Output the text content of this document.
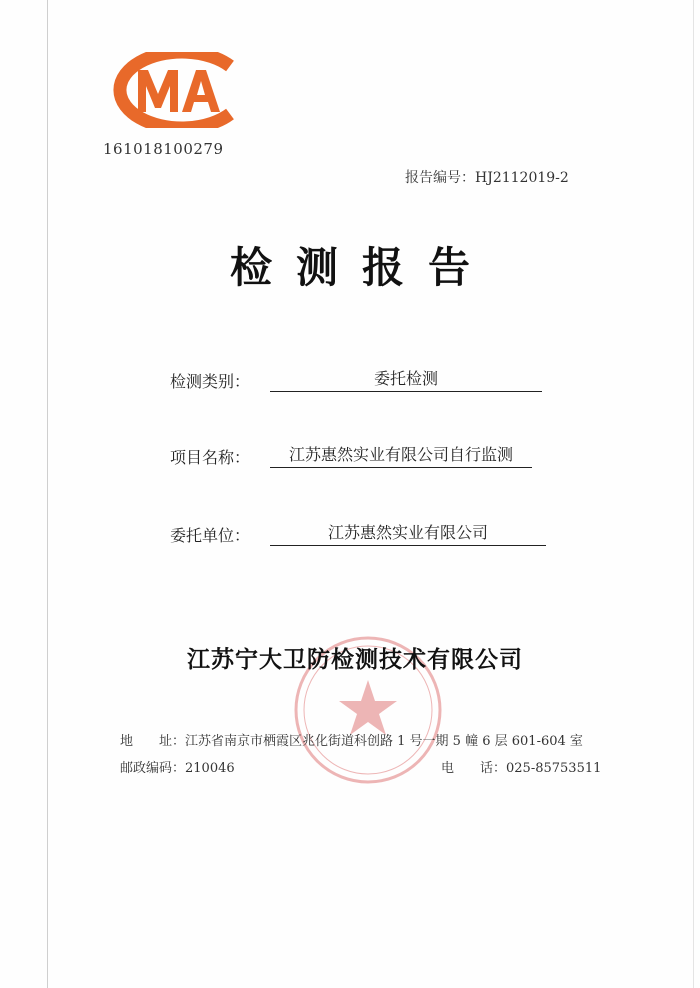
161018100279
报告编号：HJ2112019-2
检测报告
检测类别：	委托检测
项目名称：	江苏惠然实业有限公司自行监测
委托单位：	江苏惠然实业有限公司
江苏宁大卫防检测技术有限公司
地　　址：江苏省南京市栖霞区兆化街道科创路 1 号一期 5 幢 6 层 601-604 室
邮政编码：210046	电　　话：025-85753511
